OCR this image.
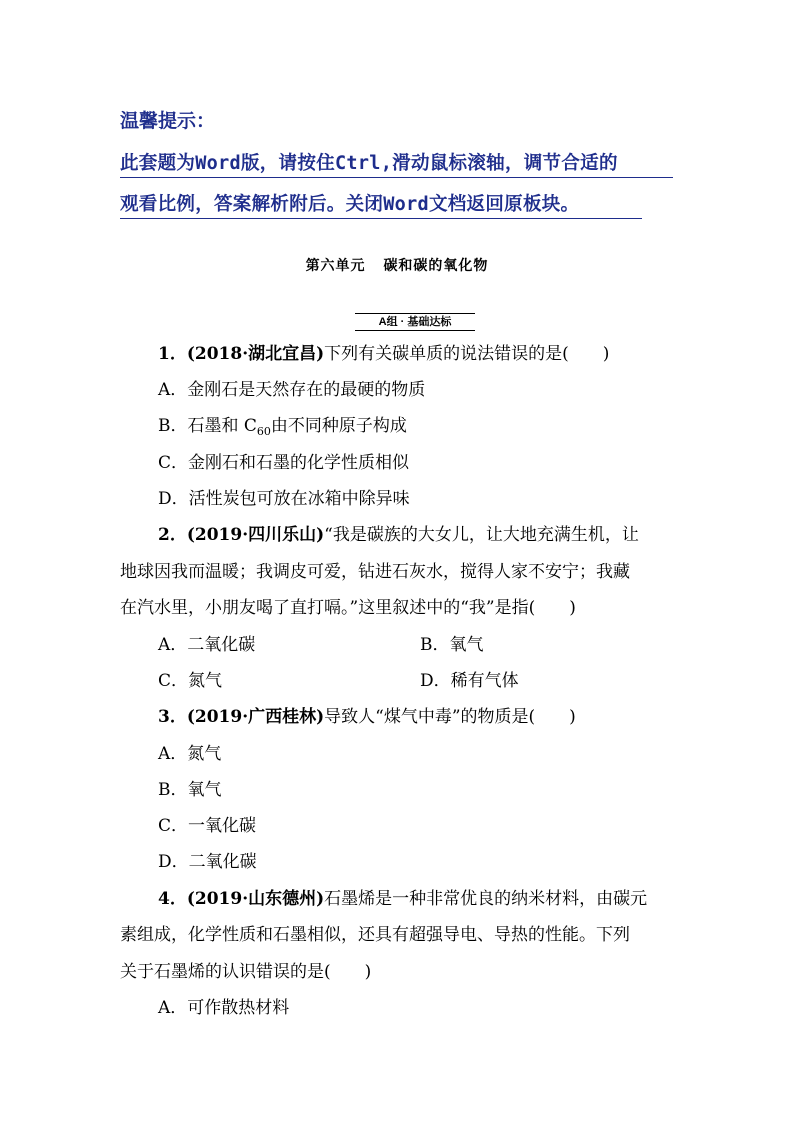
温馨提示：
此套题为Word版，请按住Ctrl,滑动鼠标滚轴，调节合适的
观看比例，答案解析附后。关闭Word文档返回原板块。
第六单元 碳和碳的氧化物
A组 · 基础达标
1．(2018·湖北宜昌)下列有关碳单质的说法错误的是(　　)
A．金刚石是天然存在的最硬的物质
B．石墨和 $C_{60}$由不同种原子构成
C．金刚石和石墨的化学性质相似
D．活性炭包可放在冰箱中除异味
2．(2019·四川乐山)“我是碳族的大女儿，让大地充满生机，让
地球因我而温暖；我调皮可爱，钻进石灰水，搅得人家不安宁；我藏
在汽水里，小朋友喝了直打嗝。”这里叙述中的“我”是指(　　)
A．二氧化碳	B．氧气
C．氮气	D．稀有气体
3．(2019·广西桂林)导致人“煤气中毒”的物质是(　　)
A．氮气
B．氧气
C．一氧化碳
D．二氧化碳
4．(2019·山东德州)石墨烯是一种非常优良的纳米材料，由碳元
素组成，化学性质和石墨相似，还具有超强导电、导热的性能。下列
关于石墨烯的认识错误的是(　　)
A．可作散热材料
